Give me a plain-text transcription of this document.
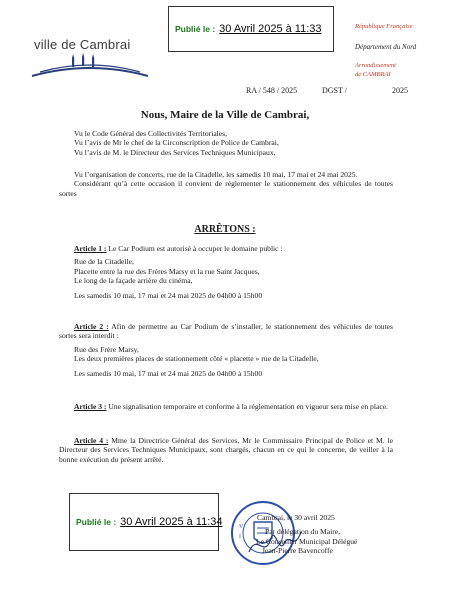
ville de Cambrai
Publié le : 30 Avril 2025 à 11:33	République Française
Département du Nord
Arrondissement
de CAMBRAI
RA / 548 / 2025	DGST /	2025
Nous, Maire de la Ville de Cambrai,
Vu le Code Général des Collectivités Territoriales,
Vu l’avis de Mr le chef de la Circonscription de Police de Cambrai,
Vu l’avis de M. le Directeur des Services Techniques Municipaux,
Vu l’organisation de concerts, rue de la Citadelle, les samedis 10 mai, 17 mai et 24 mai 2025.
Considérant qu’à cette occasion il convient de réglementer le stationnement des véhicules de toutes sortes
ARRÊTONS :
Article 1 : Le Car Podium est autorisé à occuper le domaine public :
Rue de la Citadelle,
Placette entre la rue des Frères Marsy et la rue Saint Jacques,
Le long de la façade arrière du cinéma,
Les samedis 10 mai, 17 mai et 24 mai 2025 de 04h00 à 15h00
Article 2 : Afin de permettre au Car Podium de s’installer, le stationnement des véhicules de toutes sortes sera interdit :
Rue des Frère Marsy,
Les deux premières places de stationnement côté « placette » rue de la Citadelle,
Les samedis 10 mai, 17 mai et 24 mai 2025 de 04h00 à 15h00
Article 3 : Une signalisation temporaire et conforme à la réglementation en vigueur sera mise en place.
Article 4 : Mme la Directrice Général des Services, Mr le Commissaire Principal de Police et M. le Directeur des Services Techniques Municipaux, sont chargés, chacun en ce qui le concerne, de veiller à la bonne exécution du présent arrêté.
Publié le : 30 Avril 2025 à 11:34	V
I
Cambrai, le 30 avril 2025
Par délégation du Maire,
Le Conseiller Municipal Délégué
Jean-Pierre Bavencoffe
